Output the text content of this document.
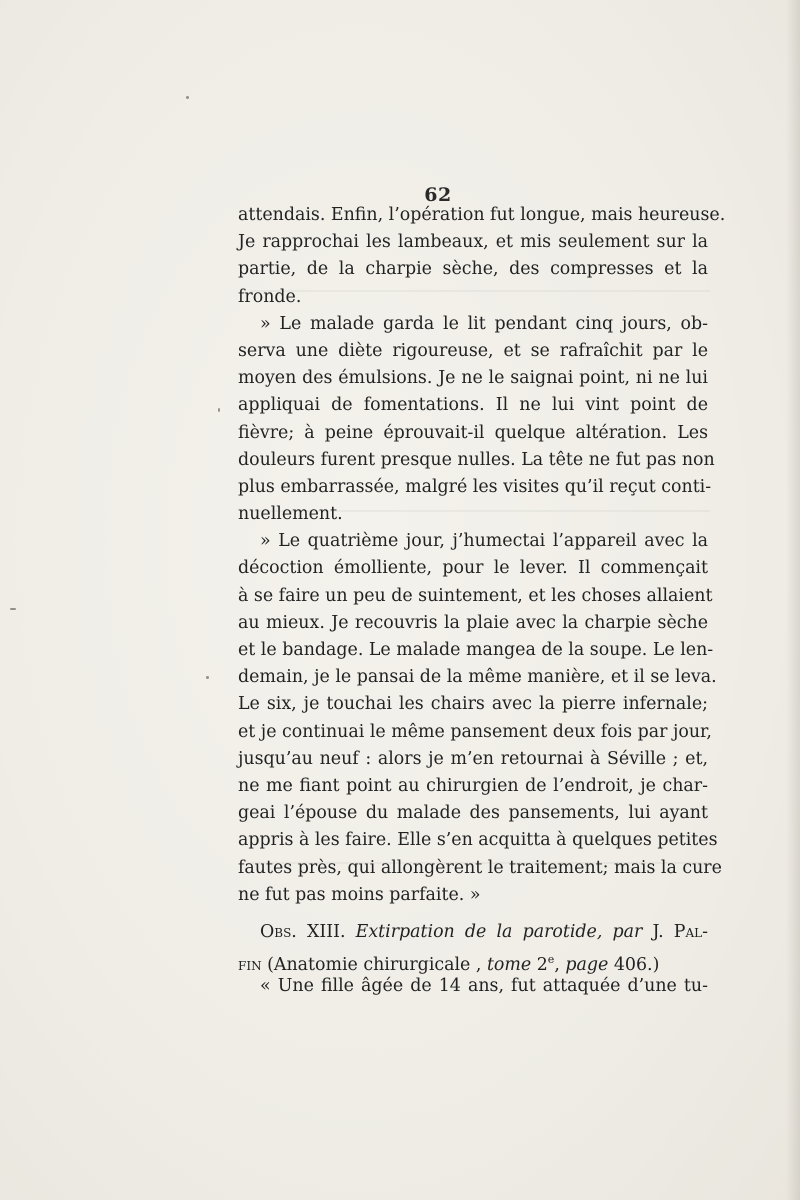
62
attendais. Enfin, l’opération fut longue, mais heureuse.
Je rapprochai les lambeaux, et mis seulement sur la
partie, de la charpie sèche, des compresses et la
fronde.
» Le malade garda le lit pendant cinq jours, ob-
serva une diète rigoureuse, et se rafraîchit par le
moyen des émulsions. Je ne le saignai point, ni ne lui
appliquai de fomentations. Il ne lui vint point de
fièvre; à peine éprouvait-il quelque altération. Les
douleurs furent presque nulles. La tête ne fut pas non
plus embarrassée, malgré les visites qu’il reçut conti-
nuellement.
» Le quatrième jour, j’humectai l’appareil avec la
décoction émolliente, pour le lever. Il commençait
à se faire un peu de suintement, et les choses allaient
au mieux. Je recouvris la plaie avec la charpie sèche
et le bandage. Le malade mangea de la soupe. Le len-
demain, je le pansai de la même manière, et il se leva.
Le six, je touchai les chairs avec la pierre infernale;
et je continuai le même pansement deux fois par jour,
jusqu’au neuf : alors je m’en retournai à Séville ; et,
ne me fiant point au chirurgien de l’endroit, je char-
geai l’épouse du malade des pansements, lui ayant
appris à les faire. Elle s’en acquitta à quelques petites
fautes près, qui allongèrent le traitement; mais la cure
ne fut pas moins parfaite. »
Obs. XIII. Extirpation de la parotide, par J. Pal-
fin (Anatomie chirurgicale , tome 2e, page 406.)
« Une fille âgée de 14 ans, fut attaquée d’une tu-
